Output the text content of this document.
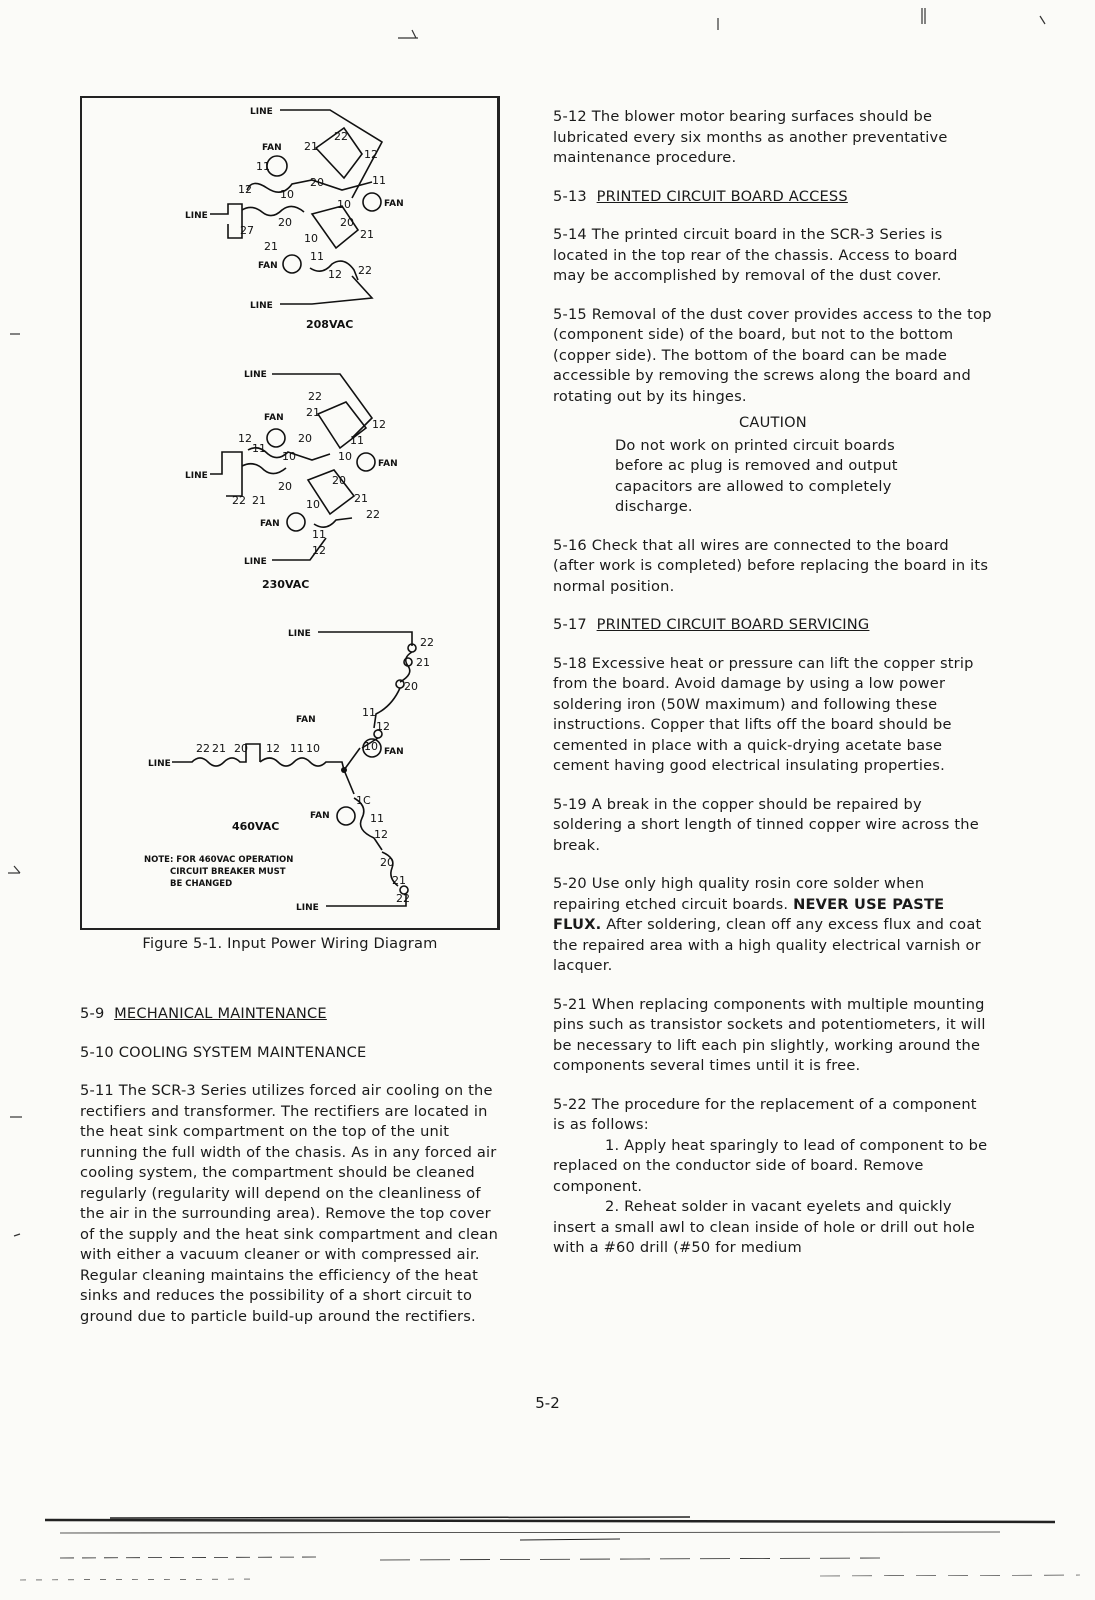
LINE
FAN 21
22
12
11
12	10
20	11
10	FAN
LINE
27
20	20
21
10
21
FAN
11
12 22
LINE
208VAC
LINE
22
FAN 21
12
12	20	11
11
10	10
FAN
LINE
20	20
22 21	21
22
10
FAN
11
12
LINE
230VAC
LINE
22
21
20
FAN
11
12
10 FAN
LINE
22 21 20 12 11 10
FAN
1C
11
12
460VAC
NOTE: FOR 460VAC OPERATION
CIRCUIT BREAKER MUST
BE CHANGED
20
21
22
LINE
Figure 5-1. Input Power Wiring Diagram

5-9 MECHANICAL MAINTENANCE

5-10 COOLING SYSTEM MAINTENANCE

5-11 The SCR-3 Series utilizes forced air cooling on the rectifiers and transformer. The rectifiers are located in the heat sink compartment on the top of the unit running the full width of the chasis. As in any forced air cooling system, the compartment should be cleaned regularly (regularity will depend on the cleanliness of the air in the surrounding area). Remove the top cover of the supply and the heat sink compartment and clean with either a vacuum cleaner or with compressed air. Regular cleaning maintains the efficiency of the heat sinks and reduces the possibility of a short circuit to ground due to particle build-up around the rectifiers.

5-12 The blower motor bearing surfaces should be lubricated every six months as another preventative maintenance procedure.

5-13 PRINTED CIRCUIT BOARD ACCESS

5-14 The printed circuit board in the SCR-3 Series is located in the top rear of the chassis. Access to board may be accomplished by removal of the dust cover.

5-15 Removal of the dust cover provides access to the top (component side) of the board, but not to the bottom (copper side). The bottom of the board can be made accessible by removing the screws along the board and rotating out by its hinges.

CAUTION

Do not work on printed circuit boards before ac plug is removed and output capacitors are allowed to completely discharge.

5-16 Check that all wires are connected to the board (after work is completed) before replacing the board in its normal position.

5-17 PRINTED CIRCUIT BOARD SERVICING

5-18 Excessive heat or pressure can lift the copper strip from the board. Avoid damage by using a low power soldering iron (50W maximum) and following these instructions. Copper that lifts off the board should be cemented in place with a quick-drying acetate base cement having good electrical insulating properties.

5-19 A break in the copper should be repaired by soldering a short length of tinned copper wire across the break.

5-20 Use only high quality rosin core solder when repairing etched circuit boards. NEVER USE PASTE FLUX. After soldering, clean off any excess flux and coat the repaired area with a high quality electrical varnish or lacquer.

5-21 When replacing components with multiple mounting pins such as transistor sockets and potentiometers, it will be necessary to lift each pin slightly, working around the components several times until it is free.

5-22 The procedure for the replacement of a component is as follows:

1. Apply heat sparingly to lead of component to be replaced on the conductor side of board. Remove component.

2. Reheat solder in vacant eyelets and quickly insert a small awl to clean inside of hole or drill out hole with a #60 drill (#50 for medium

5-2
